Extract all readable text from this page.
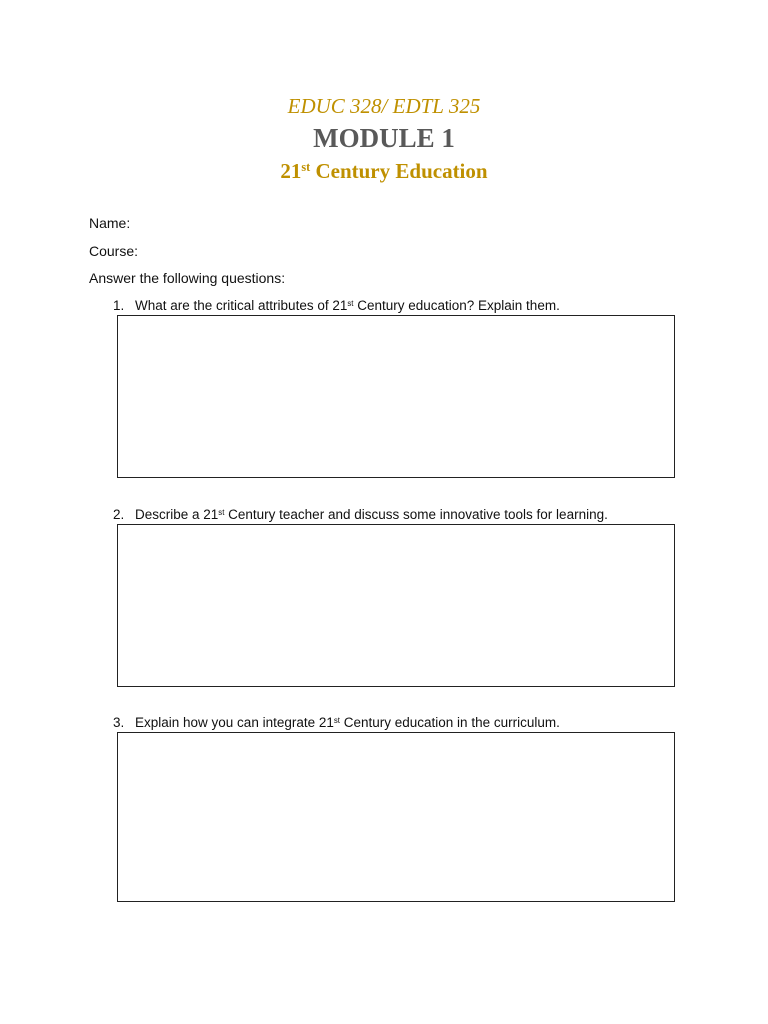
EDUC 328/ EDTL 325
MODULE 1
21st Century Education
Name:
Course:
Answer the following questions:
1. What are the critical attributes of 21st Century education? Explain them.
2. Describe a 21st Century teacher and discuss some innovative tools for learning.
3. Explain how you can integrate 21st Century education in the curriculum.
